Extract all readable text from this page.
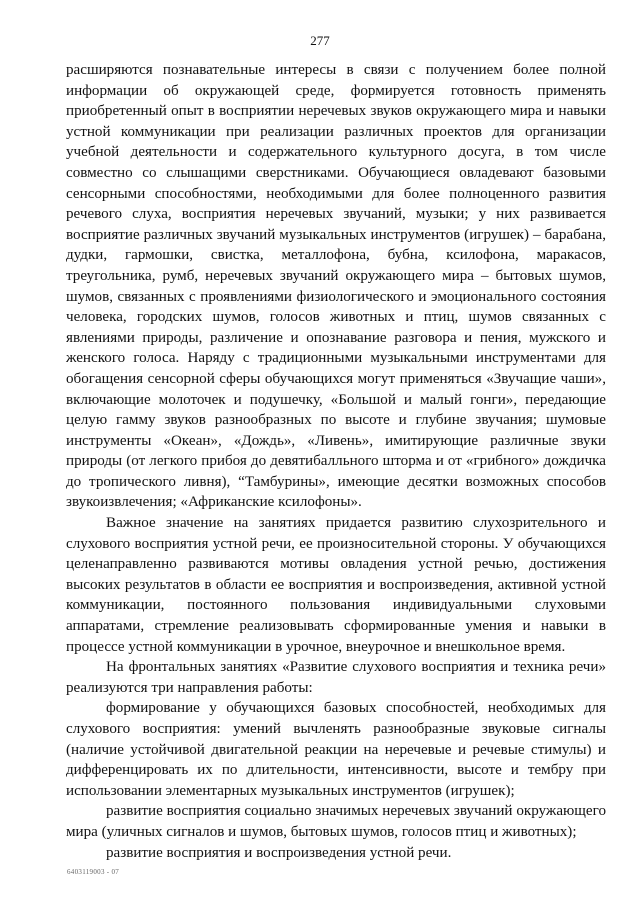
277

расширяются познавательные интересы в связи с получением более полной информации об окружающей среде, формируется готовность применять приобретенный опыт в восприятии неречевых звуков окружающего мира и навыки устной коммуникации при реализации различных проектов для организации учебной деятельности и содержательного культурного досуга, в том числе совместно со слышащими сверстниками. Обучающиеся овладевают базовыми сенсорными способностями, необходимыми для более полноценного развития речевого слуха, восприятия неречевых звучаний, музыки; у них развивается восприятие различных звучаний музыкальных инструментов (игрушек) – барабана, дудки, гармошки, свистка, металлофона, бубна, ксилофона, маракасов, треугольника, румб, неречевых звучаний окружающего мира – бытовых шумов, шумов, связанных с проявлениями физиологического и эмоционального состояния человека, городских шумов, голосов животных и птиц, шумов связанных с явлениями природы, различение и опознавание разговора и пения, мужского и женского голоса. Наряду с традиционными музыкальными инструментами для обогащения сенсорной сферы обучающихся могут применяться «Звучащие чаши», включающие молоточек и подушечку, «Большой и малый гонги», передающие целую гамму звуков разнообразных по высоте и глубине звучания; шумовые инструменты «Океан», «Дождь», «Ливень», имитирующие различные звуки природы (от легкого прибоя до девятибалльного шторма и от «грибного» дождичка до тропического ливня), “Тамбурины», имеющие десятки возможных способов звукоизвлечения; «Африканские ксилофоны».

Важное значение на занятиях придается развитию слухозрительного и слухового восприятия устной речи, ее произносительной стороны. У обучающихся целенаправленно развиваются мотивы овладения устной речью, достижения высоких результатов в области ее восприятия и воспроизведения, активной устной коммуникации, постоянного пользования индивидуальными слуховыми аппаратами, стремление реализовывать сформированные умения и навыки в процессе устной коммуникации в урочное, внеурочное и внешкольное время.

На фронтальных занятиях «Развитие слухового восприятия и техника речи» реализуются три направления работы:

формирование у обучающихся базовых способностей, необходимых для слухового восприятия: умений вычленять разнообразные звуковые сигналы (наличие устойчивой двигательной реакции на неречевые и речевые стимулы) и дифференцировать их по длительности, интенсивности, высоте и тембру при использовании элементарных музыкальных инструментов (игрушек);

развитие восприятия социально значимых неречевых звучаний окружающего мира (уличных сигналов и шумов, бытовых шумов, голосов птиц и животных);

развитие восприятия и воспроизведения устной речи.

6403119003 - 07
